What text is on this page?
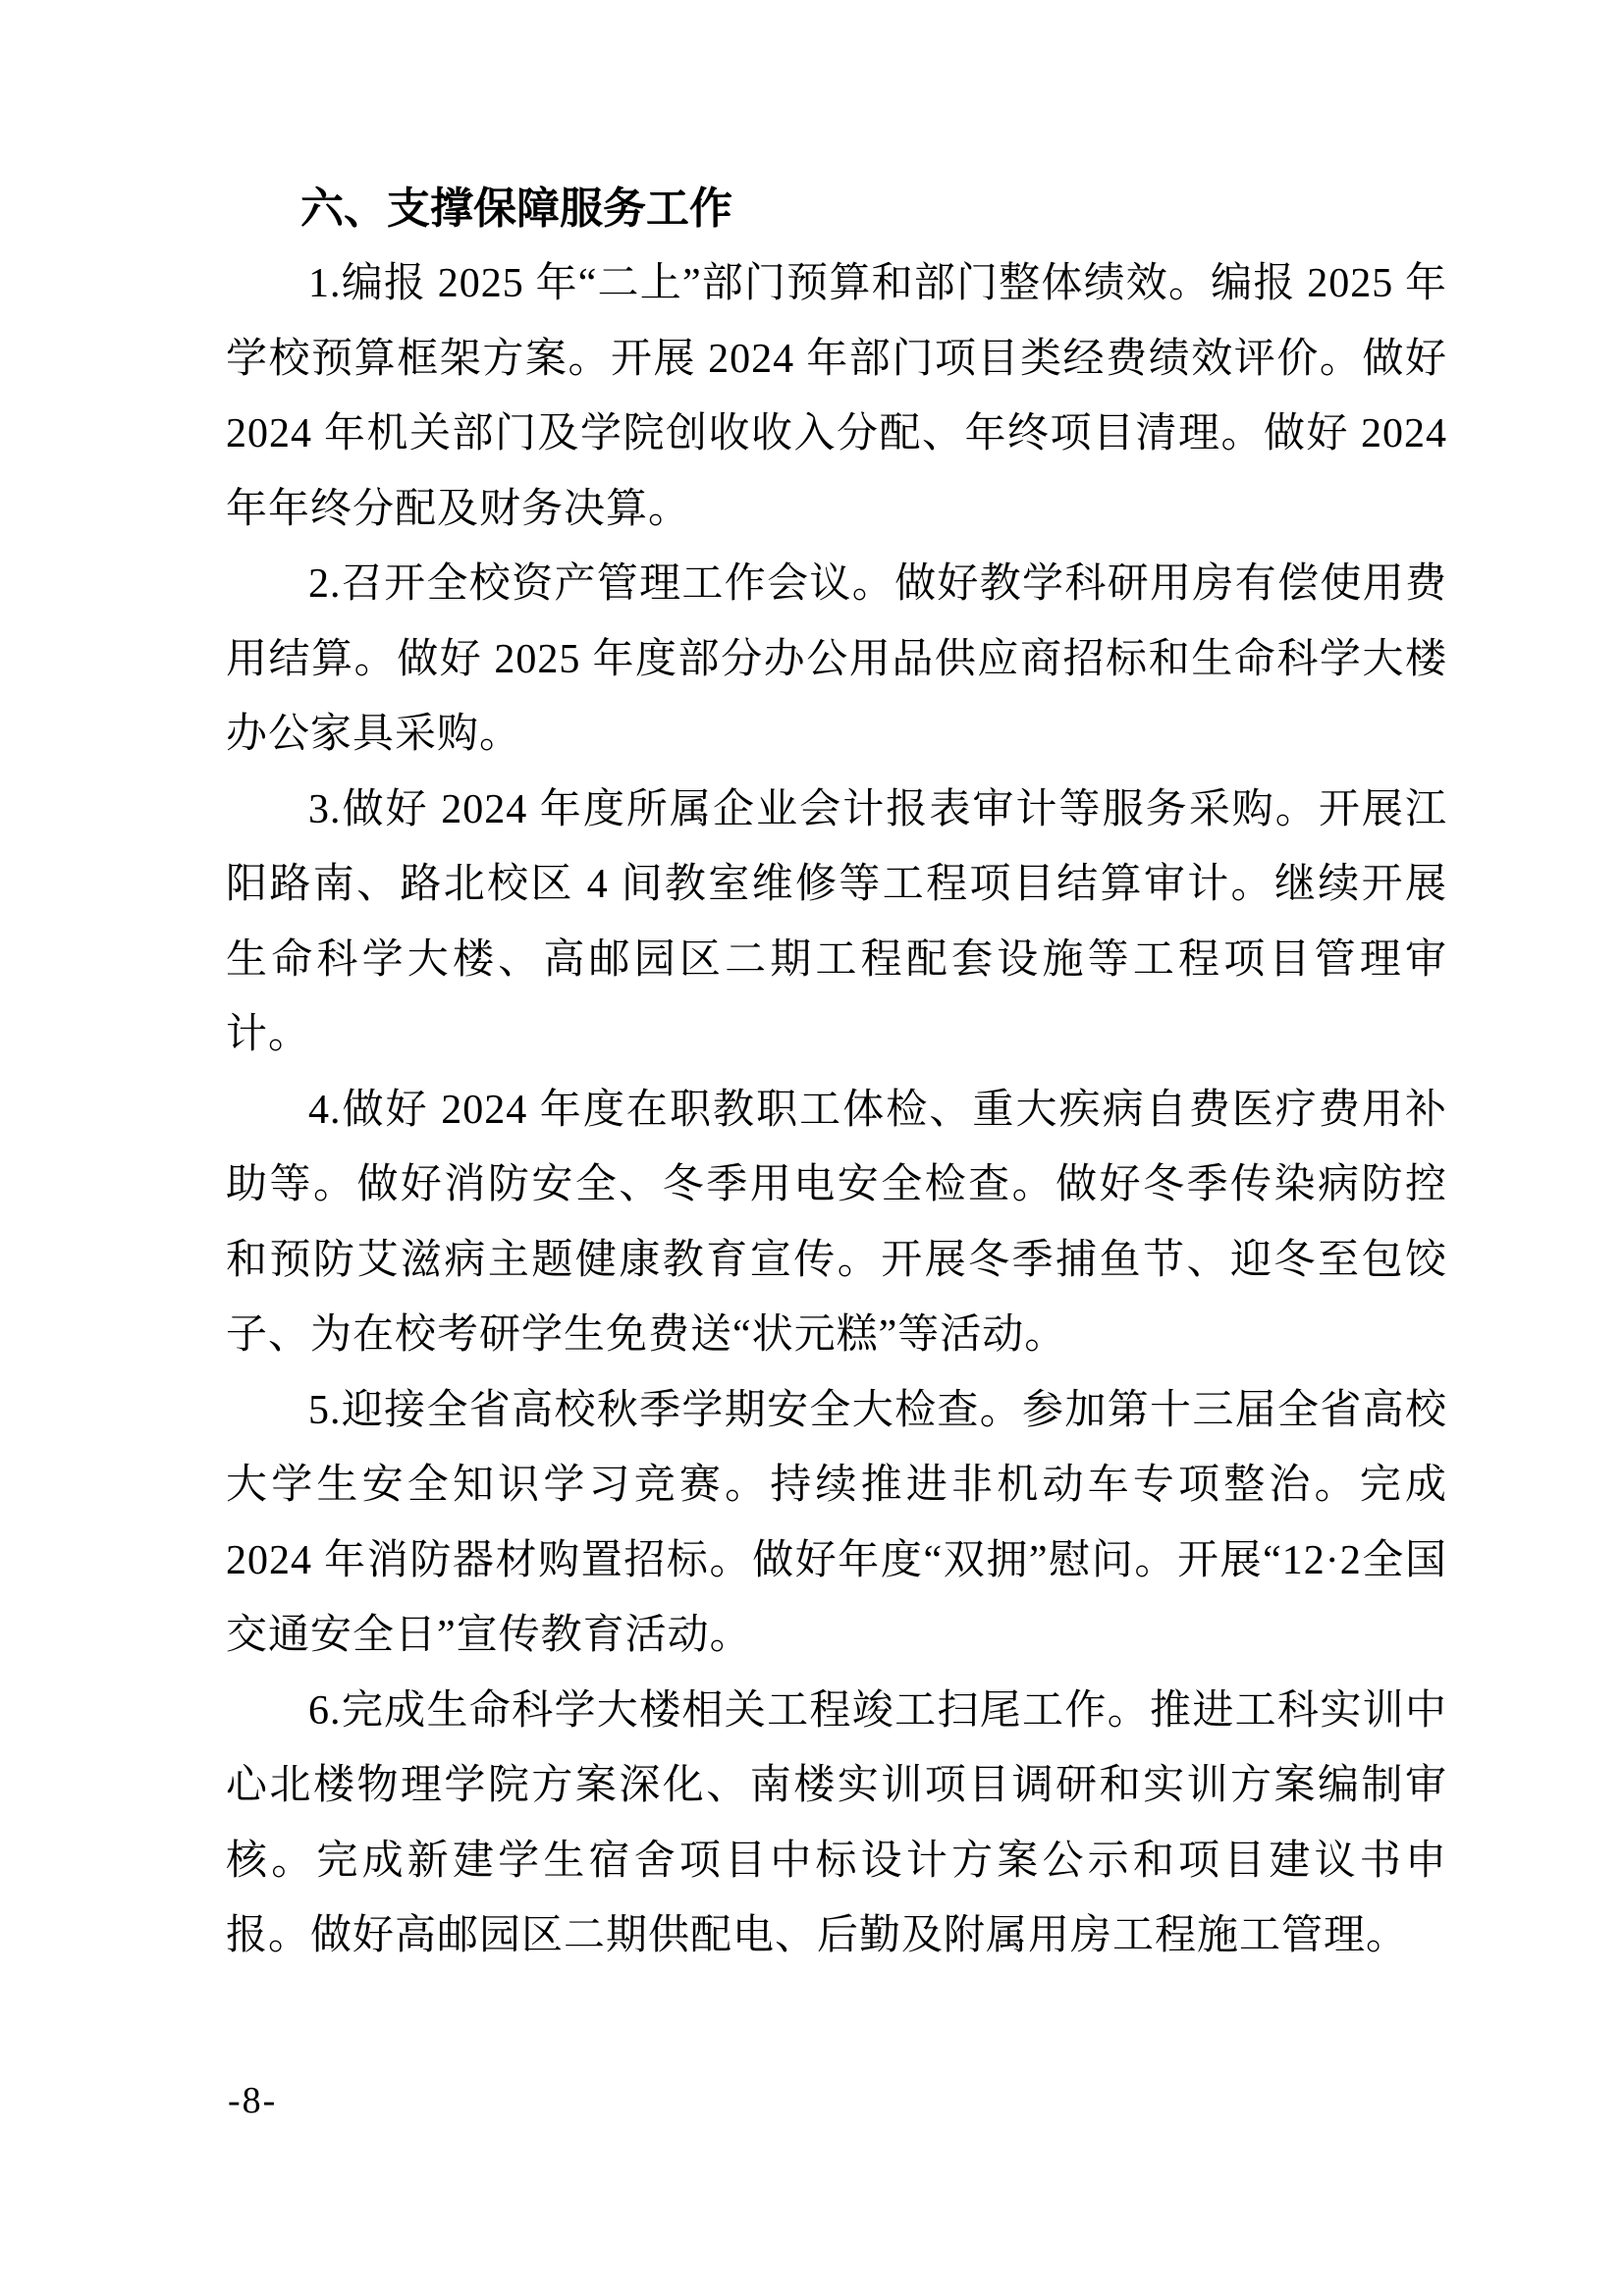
六、支撑保障服务工作

1.编报 2025 年“二上”部门预算和部门整体绩效。编报 2025 年学校预算框架方案。开展 2024 年部门项目类经费绩效评价。做好 2024 年机关部门及学院创收收入分配、年终项目清理。做好 2024 年年终分配及财务决算。

2.召开全校资产管理工作会议。做好教学科研用房有偿使用费用结算。做好 2025 年度部分办公用品供应商招标和生命科学大楼办公家具采购。

3.做好 2024 年度所属企业会计报表审计等服务采购。开展江阳路南、路北校区 4 间教室维修等工程项目结算审计。继续开展生命科学大楼、高邮园区二期工程配套设施等工程项目管理审计。

4.做好 2024 年度在职教职工体检、重大疾病自费医疗费用补助等。做好消防安全、冬季用电安全检查。做好冬季传染病防控和预防艾滋病主题健康教育宣传。开展冬季捕鱼节、迎冬至包饺子、为在校考研学生免费送“状元糕”等活动。

5.迎接全省高校秋季学期安全大检查。参加第十三届全省高校大学生安全知识学习竞赛。持续推进非机动车专项整治。完成 2024 年消防器材购置招标。做好年度“双拥”慰问。开展“12·2全国交通安全日”宣传教育活动。

6.完成生命科学大楼相关工程竣工扫尾工作。推进工科实训中心北楼物理学院方案深化、南楼实训项目调研和实训方案编制审核。完成新建学生宿舍项目中标设计方案公示和项目建议书申报。做好高邮园区二期供配电、后勤及附属用房工程施工管理。

-8-
